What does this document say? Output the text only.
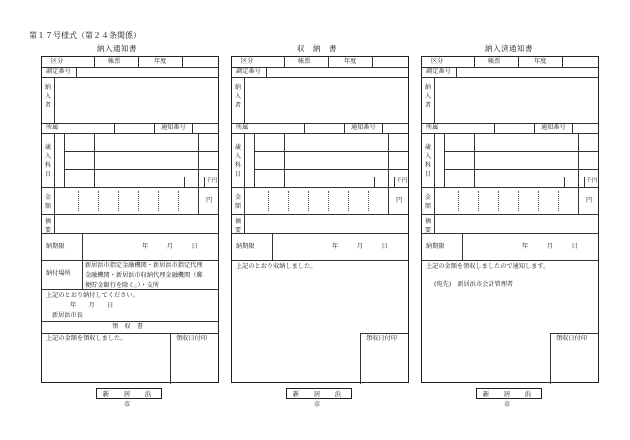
第１７号様式（第２４条関係）
納入通知書	収　納　書	納入済通知書
区分	帳票	年度
調定番号
納入者
所属	通知番号
歳入科目
千円
金額
円
摘要
納期限	年　　　月　　　日
納付場所
新居浜市指定金融機関・新居浜市指定代理
金融機関・新居浜市収納代理金融機関（郵
便貯金銀行を除く。）・支所
上記のとおり納付してください。
年　　月　　日
新居浜市長
領　収　書
上記の金額を領収しました。	領収日付印
区分	帳票	年度
調定番号
納入者
所属	通知番号
歳入科目
千円
金額
円
摘要
納期限	年　　　月　　　日
上記のとおり収納しました。
領収日付印
区分	帳票	年度
調定番号
納入者
所属	通知番号
歳入科目
千円
金額
円
摘要
納期限	年　　　月　　　日
上記の金額を領収しましたので通知します。
(宛先)　新居浜市会計管理者
領収日付印
新　居　浜　市
新　居　浜　市
新　居　浜　市
